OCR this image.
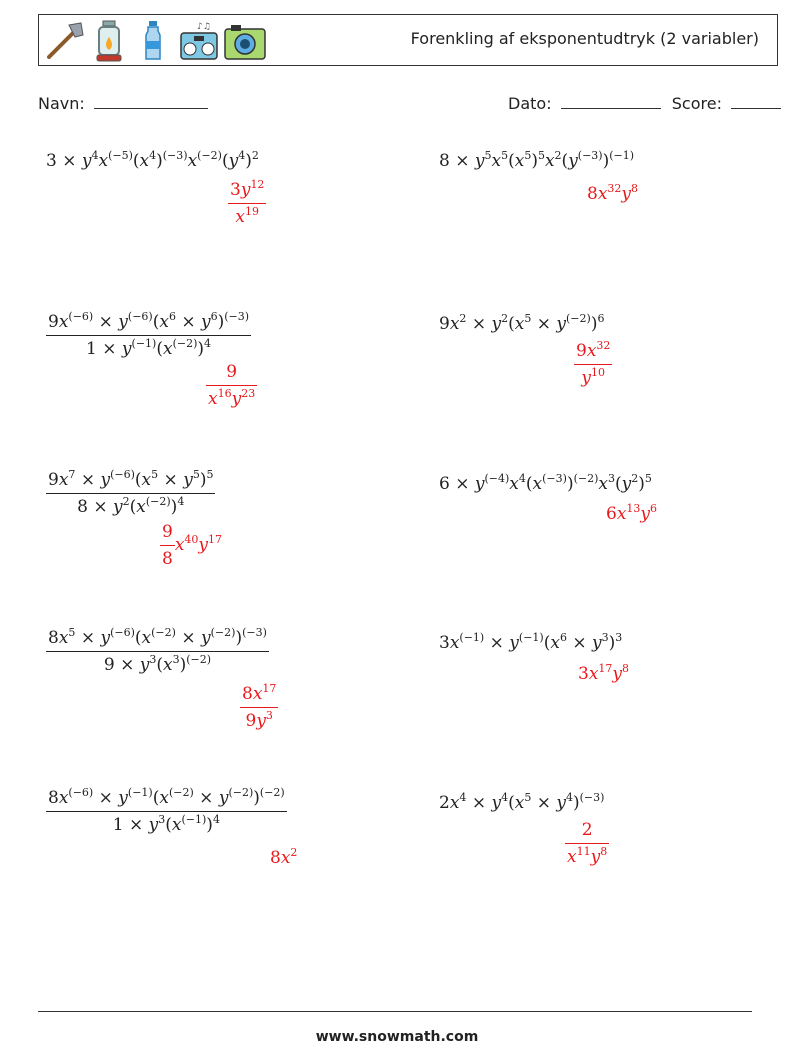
♪♫
Forenkling af eksponentudtryk (2 variabler)
Navn:	Dato:	Score:
$3 \times y^4x^{(-5)}(x^4)^{(-3)}x^{(-2)}(y^4)^2$
$\frac{3y^{12}}{x^{19}}$
$8 \times y^5x^5(x^5)^5x^2(y^{(-3)})^{(-1)}$
$8x^{32}y^8$
$\frac{9x^{(-6)} \times y^{(-6)}(x^6 \times y^6)^{(-3)}}{1 \times y^{(-1)}(x^{(-2)})^4}$
$\frac{9}{x^{16}y^{23}}$
$9x^2 \times y^2(x^5 \times y^{(-2)})^6$
$\frac{9x^{32}}{y^{10}}$
$\frac{9x^7 \times y^{(-6)}(x^5 \times y^5)^5}{8 \times y^2(x^{(-2)})^4}$
$\frac{9}{8} x^{40}y^{17}$
$6 \times y^{(-4)}x^4(x^{(-3)})^{(-2)}x^3(y^2)^5$
$6x^{13}y^6$
$\frac{8x^5 \times y^{(-6)}(x^{(-2)} \times y^{(-2)})^{(-3)}}{9 \times y^3(x^3)^{(-2)}}$
$\frac{8x^{17}}{9y^3}$
$3x^{(-1)} \times y^{(-1)}(x^6 \times y^3)^3$
$3x^{17}y^8$
$\frac{8x^{(-6)} \times y^{(-1)}(x^{(-2)} \times y^{(-2)})^{(-2)}}{1 \times y^3(x^{(-1)})^4}$
$8x^2$
$2x^4 \times y^4(x^5 \times y^4)^{(-3)}$
$\frac{2}{x^{11}y^8}$
www.snowmath.com
